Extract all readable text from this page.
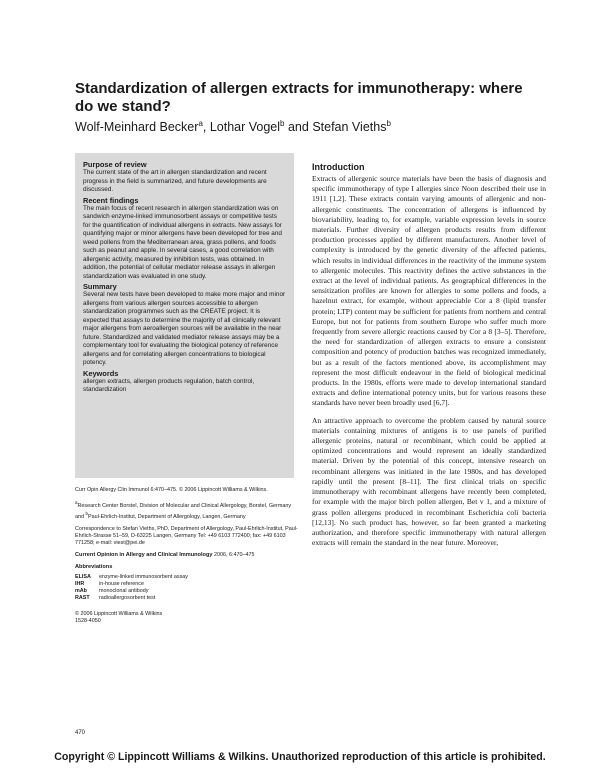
Standardization of allergen extracts for immunotherapy: where do we stand?
Wolf-Meinhard Becker$^a$, Lothar Vogel$^b$ and Stefan Vieths$^b$

Purpose of review

The current state of the art in allergen standardization and recent progress in the field is summarized, and future developments are discussed.

Recent findings

The main focus of recent research in allergen standardization was on sandwich enzyme-linked immunosorbent assays or competitive tests for the quantification of individual allergens in extracts. New assays for quantifying major or minor allergens have been developed for tree and weed pollens from the Mediterranean area, grass pollens, and foods such as peanut and apple. In several cases, a good correlation with allergenic activity, measured by inhibition tests, was obtained. In addition, the potential of cellular mediator release assays in allergen standardization was evaluated in one study.

Summary

Several new tests have been developed to make more major and minor allergens from various allergen sources accessible to allergen standardization programmes such as the CREATE project. It is expected that assays to determine the majority of all clinically relevant major allergens from aeroallergen sources will be available in the near future. Standardized and validated mediator release assays may be a complementary tool for evaluating the biological potency of reference allergens and for correlating allergen concentrations to biological potency.

Keywords

allergen extracts, allergen products regulation, batch control, standardization

Curr Opin Allergy Clin Immunol 6:470–475. © 2006 Lippincott Williams & Wilkins.

$^a$Research Center Borstel, Division of Molecular and Clinical Allergology, Borstel, Germany and $^b$Paul-Ehrlich-Institut, Department of Allergology, Langen, Germany

Correspondence to Stefan Vieths, PhD, Department of Allergology, Paul-Ehrlich-Institut, Paul-Ehrlich-Strasse 51–59, D-63225 Langen, Germany Tel: +49 6103 772400; fax: +49 6103 771258; e-mail: viest@pei.de

Current Opinion in Allergy and Clinical Immunology 2006, 6:470–475

Abbreviations
ELISA	enzyme-linked immunosorbent assay
IHR	in-house reference
mAb	monoclonal antibody
RAST	radioallergosorbent test
© 2006 Lippincott Williams & Wilkins
1528-4050
Introduction

Extracts of allergenic source materials have been the basis of diagnosis and specific immunotherapy of type I allergies since Noon described their use in 1911 [1,2]. These extracts contain varying amounts of allergenic and non-allergenic constituents. The concentration of allergens is influenced by biovariability, leading to, for example, variable expression levels in source materials. Further diversity of allergen products results from different production processes applied by different manufacturers. Another level of complexity is introduced by the genetic diversity of the affected patients, which results in individual differences in the reactivity of the immune system to allergenic molecules. This reactivity defines the active substances in the extract at the level of individual patients. As geographical differences in the sensitization profiles are known for allergies to some pollens and foods, a hazelnut extract, for example, without appreciable Cor a 8 (lipid transfer protein; LTP) content may be sufficient for patients from northern and central Europe, but not for patients from southern Europe who suffer much more frequently from severe allergic reactions caused by Cor a 8 [3–5]. Therefore, the need for standardization of allergen extracts to ensure a consistent composition and potency of production batches was recognized immediately, but as a result of the factors mentioned above, its accomplishment may represent the most difficult endeavour in the field of biological medicinal products. In the 1980s, efforts were made to develop international standard extracts and define international potency units, but for various reasons these standards have never been broadly used [6,7].

An attractive approach to overcome the problem caused by natural source materials containing mixtures of antigens is to use panels of purified allergenic proteins, natural or recombinant, which could be applied at optimized concentrations and would represent an ideally standardized material. Driven by the potential of this concept, intensive research on recombinant allergens was initiated in the late 1980s, and has developed rapidly until the present [8–11]. The first clinical trials on specific immunotherapy with recombinant allergens have recently been completed, for example with the major birch pollen allergen, Bet v 1, and a mixture of grass pollen allergens produced in recombinant Escherichia coli bacteria [12,13]. No such product has, however, so far been granted a marketing authorization, and therefore specific immunotherapy with natural allergen extracts will remain the standard in the near future. Moreover,

470
Copyright © Lippincott Williams & Wilkins. Unauthorized reproduction of this article is prohibited.
